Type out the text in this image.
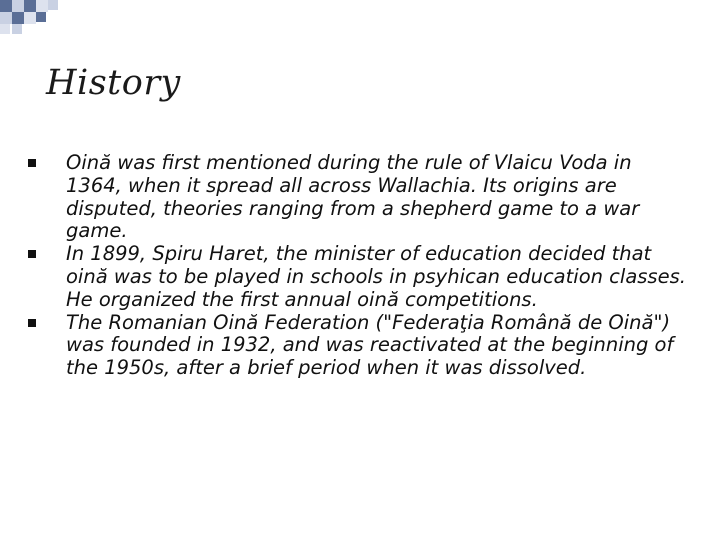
History
Oină was first mentioned during the rule of Vlaicu Voda in 1364, when it spread all across Wallachia. Its origins are disputed, theories ranging from a shepherd game to a war game.
In 1899, Spiru Haret, the minister of education decided that oină was to be played in schools in psyhican education classes. He organized the first annual oină competitions.
The Romanian Oină Federation ("Federaţia Română de Oină") was founded in 1932, and was reactivated at the beginning of the 1950s, after a brief period when it was dissolved.
